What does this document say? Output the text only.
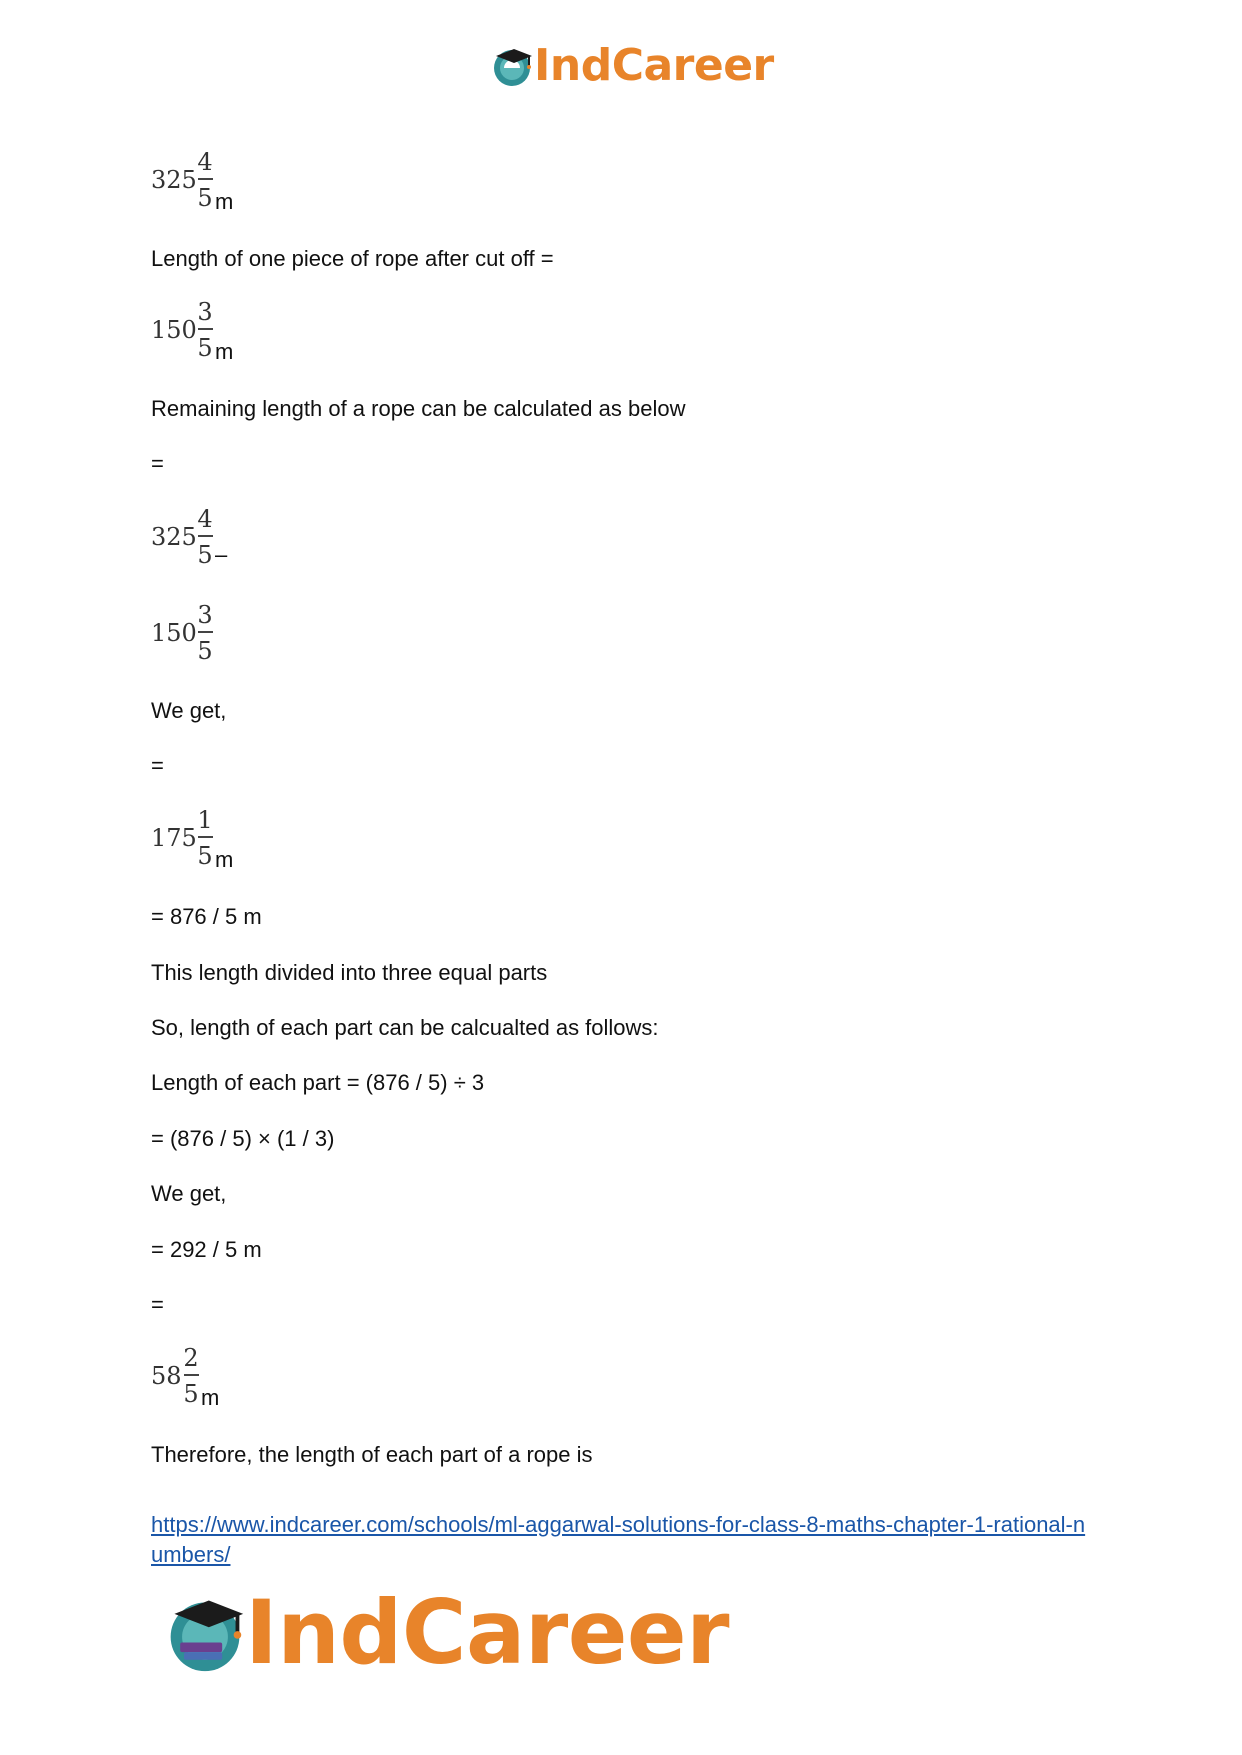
IndCareer
325
4
5 m
Length of one piece of rope after cut off =
150
3
5 m
Remaining length of a rope can be calculated as below
=
325
4
5 –
150
3
5
We get,
=
175
1
5 m
= 876 / 5 m
This length divided into three equal parts
So, length of each part can be calcualted as follows:
Length of each part = (876 / 5) ÷ 3
= (876 / 5) × (1 / 3)
We get,
= 292 / 5 m
=
58
2
5 m
Therefore, the length of each part of a rope is
https://www.indcareer.com/schools/ml-aggarwal-solutions-for-class-8-maths-chapter-1-rational-numbers/
IndCareer
